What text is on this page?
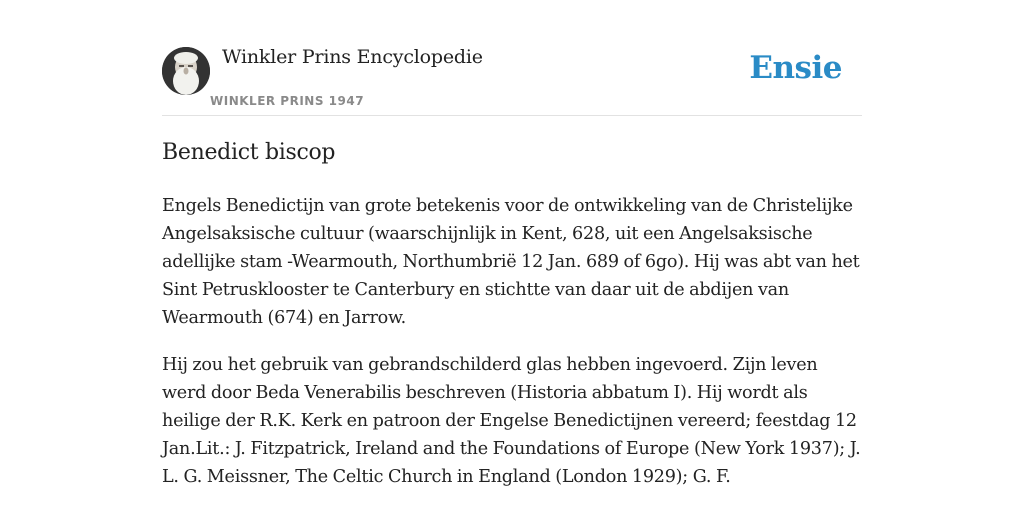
Winkler Prins Encyclopedie
WINKLER PRINS 1947
Ensie
Benedict biscop

Engels Benedictijn van grote betekenis voor de ontwikkeling van de Christelijke Angelsaksische cultuur (waarschijnlijk in Kent, 628, uit een Angelsaksische adellijke stam -Wearmouth, Northumbrië 12 Jan. 689 of 6go). Hij was abt van het Sint Petrusklooster te Canterbury en stichtte van daar uit de abdijen van Wearmouth (674) en Jarrow.

Hij zou het gebruik van gebrandschilderd glas hebben ingevoerd. Zijn leven werd door Beda Venerabilis beschreven (Historia abbatum I). Hij wordt als heilige der R.K. Kerk en patroon der Engelse Benedictijnen vereerd; feestdag 12 Jan.Lit.: J. Fitzpatrick, Ireland and the Foundations of Europe (New York 1937); J. L. G. Meissner, The Celtic Church in England (London 1929); G. F.
